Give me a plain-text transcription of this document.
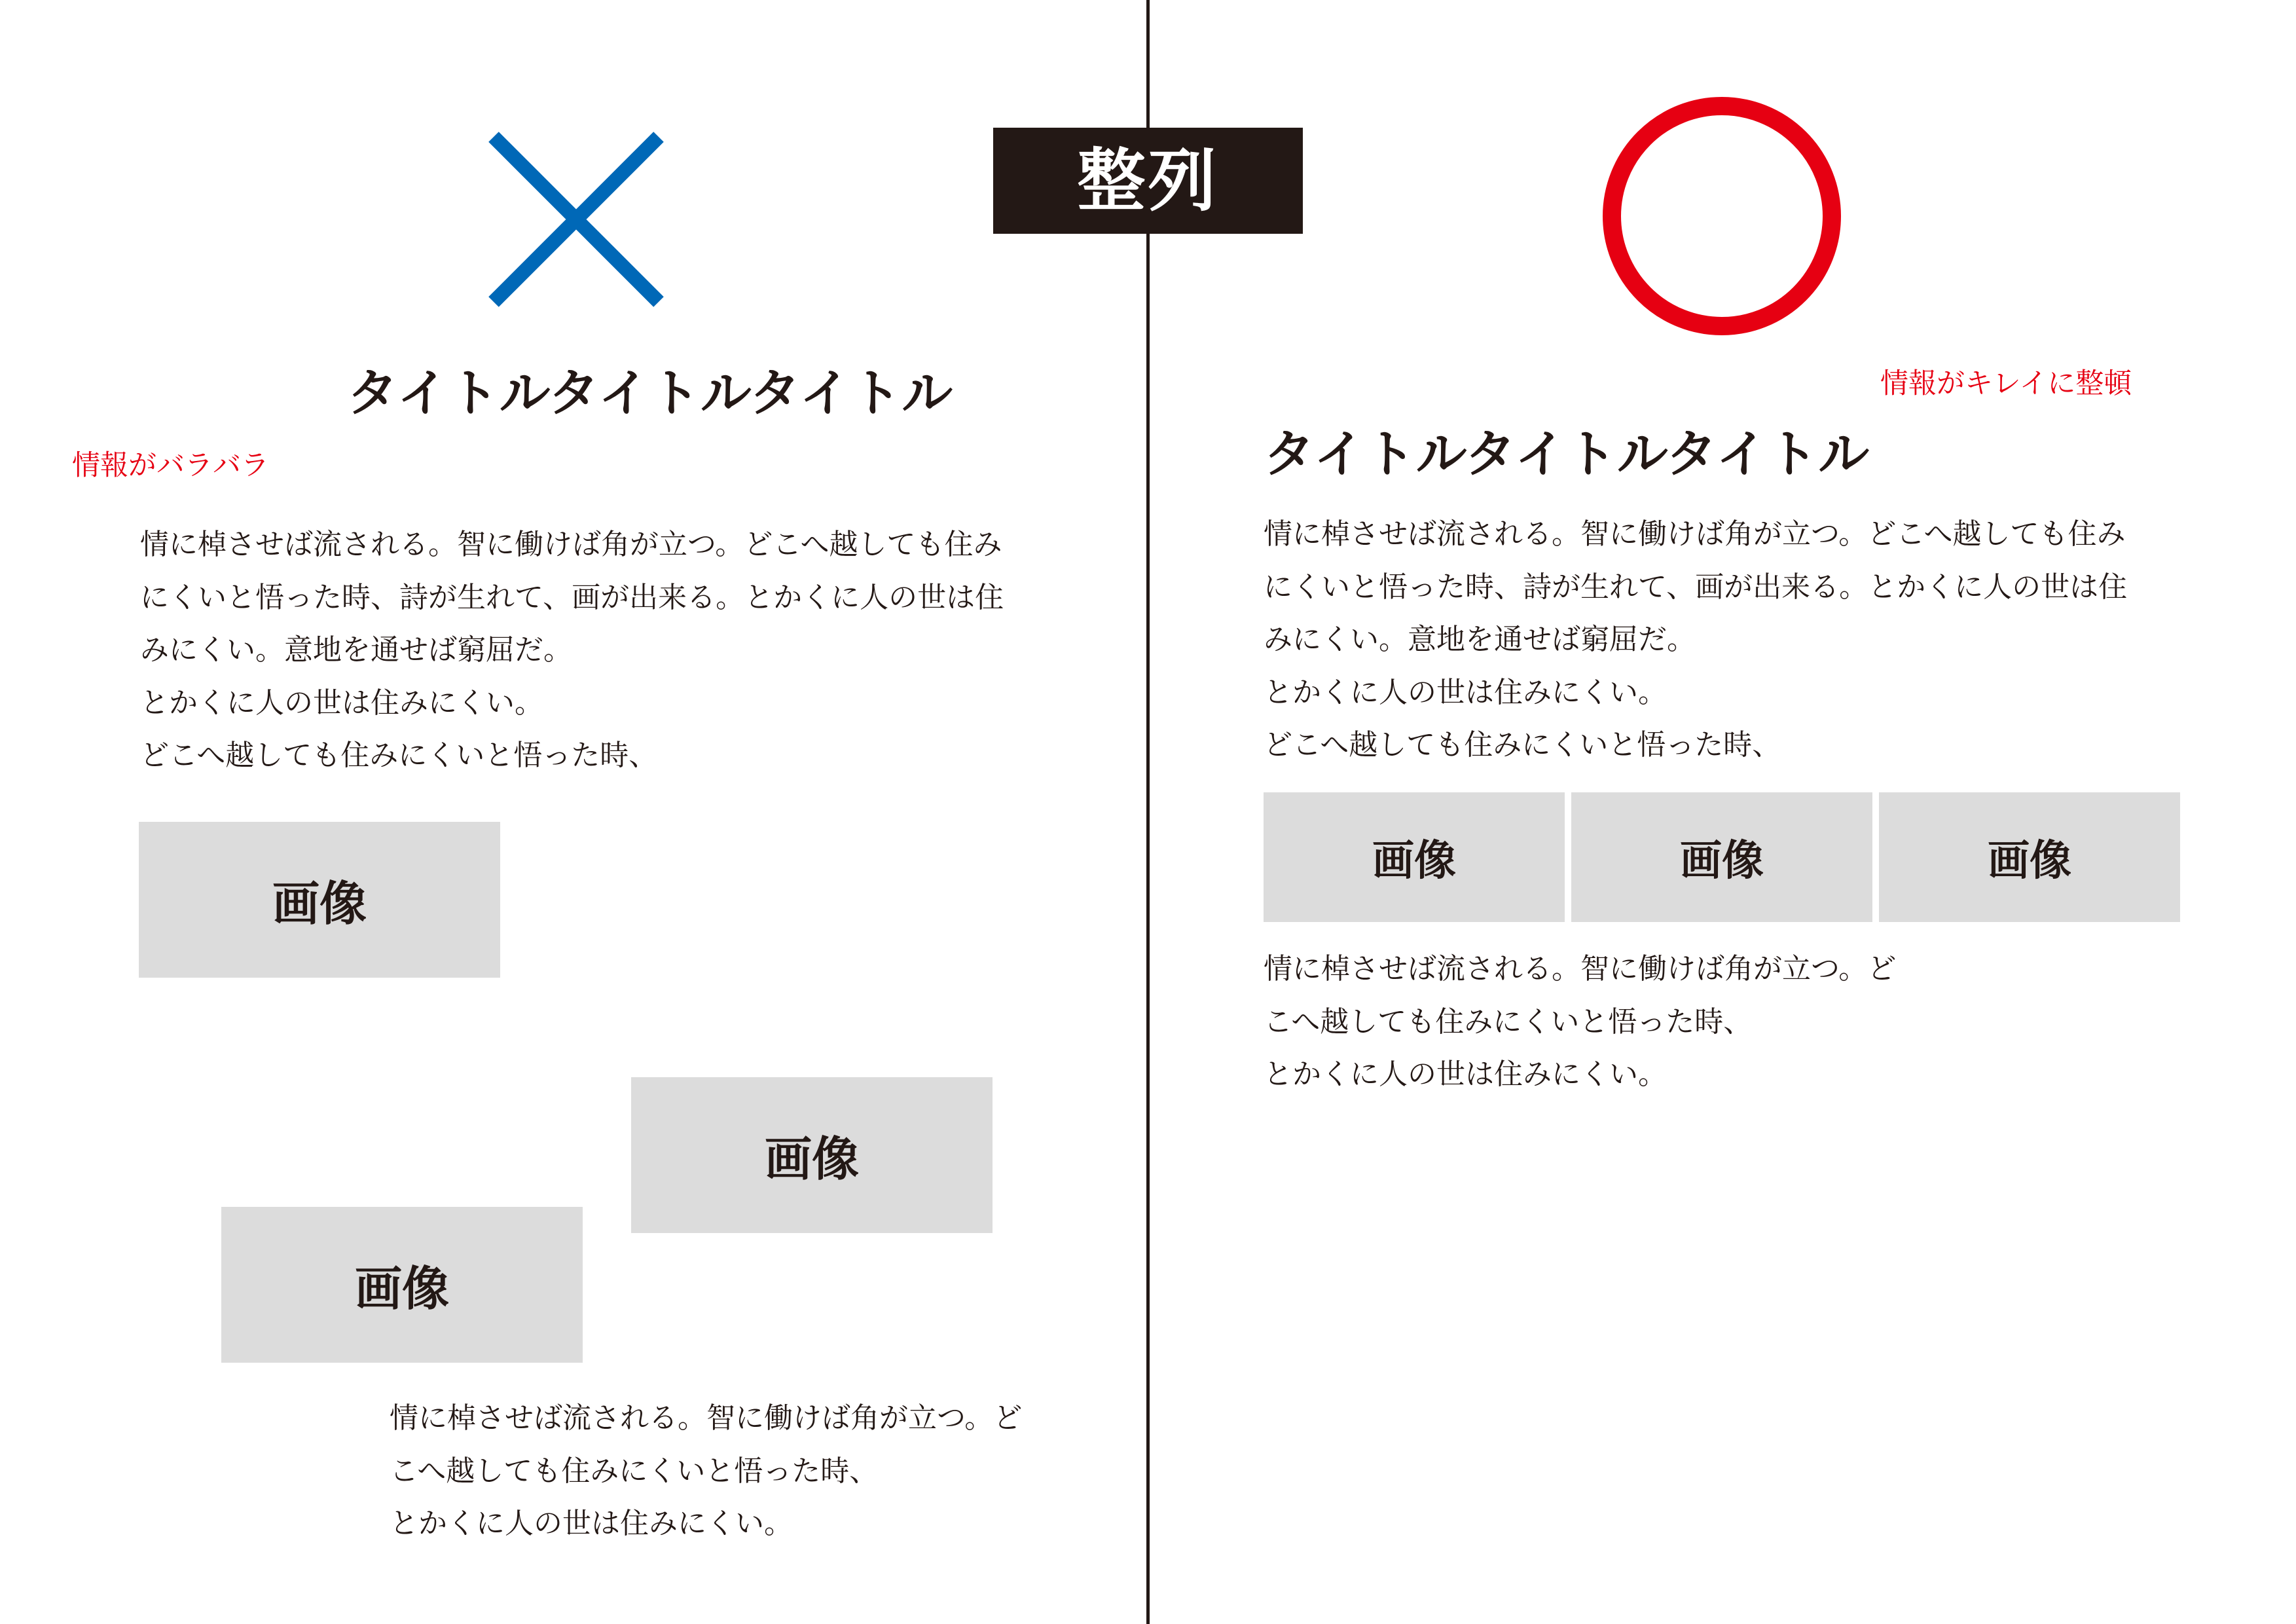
整列
タイトルタイトルタイトル
情報がバラバラ
情に棹させば流される。智に働けば角が立つ。どこへ越しても住み
にくいと悟った時、詩が生れて、画が出来る。とかくに人の世は住
みにくい。意地を通せば窮屈だ。
とかくに人の世は住みにくい。
どこへ越しても住みにくいと悟った時、
画像
画像
画像
情に棹させば流される。智に働けば角が立つ。ど
こへ越しても住みにくいと悟った時、
とかくに人の世は住みにくい。
情報がキレイに整頓
タイトルタイトルタイトル
情に棹させば流される。智に働けば角が立つ。どこへ越しても住み
にくいと悟った時、詩が生れて、画が出来る。とかくに人の世は住
みにくい。意地を通せば窮屈だ。
とかくに人の世は住みにくい。
どこへ越しても住みにくいと悟った時、
画像	画像	画像
情に棹させば流される。智に働けば角が立つ。ど
こへ越しても住みにくいと悟った時、
とかくに人の世は住みにくい。
